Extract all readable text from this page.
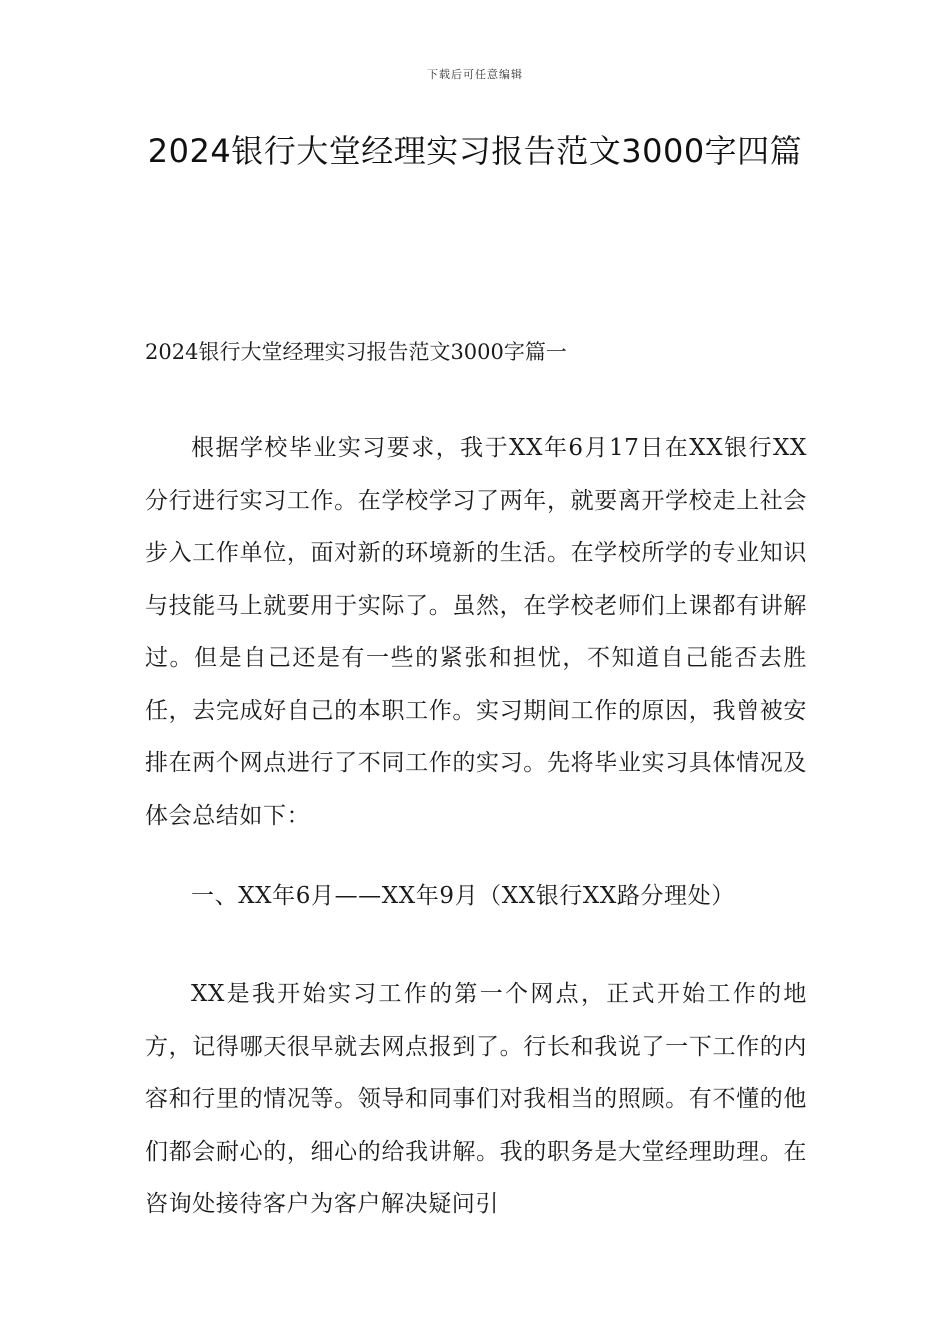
下载后可任意编辑
2024银行大堂经理实习报告范文3000字四篇
2024银行大堂经理实习报告范文3000字篇一
根据学校毕业实习要求，我于XX年6月17日在XX银行XX分行进行实习工作。在学校学习了两年，就要离开学校走上社会步入工作单位，面对新的环境新的生活。在学校所学的专业知识与技能马上就要用于实际了。虽然，在学校老师们上课都有讲解过。但是自己还是有一些的紧张和担忧，不知道自己能否去胜任，去完成好自己的本职工作。实习期间工作的原因，我曾被安排在两个网点进行了不同工作的实习。先将毕业实习具体情况及体会总结如下：
一、XX年6月——XX年9月（XX银行XX路分理处）
XX是我开始实习工作的第一个网点，正式开始工作的地方，记得哪天很早就去网点报到了。行长和我说了一下工作的内容和行里的情况等。领导和同事们对我相当的照顾。有不懂的他们都会耐心的，细心的给我讲解。我的职务是大堂经理助理。在咨询处接待客户为客户解决疑问引
